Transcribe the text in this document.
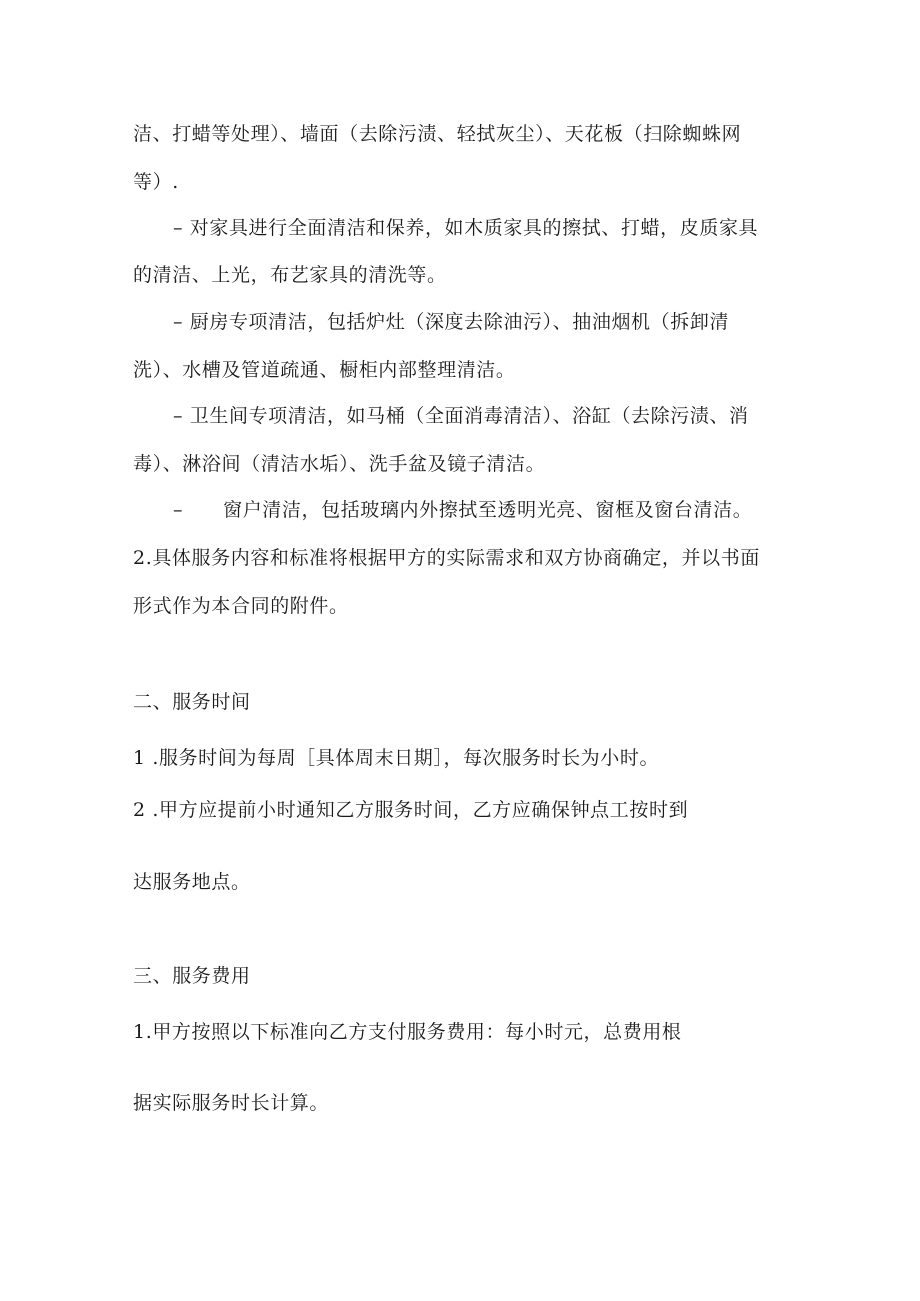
洁、打蜡等处理）、墙面（去除污渍、轻拭灰尘）、天花板（扫除蜘蛛网
等）.
– 对家具进行全面清洁和保养，如木质家具的擦拭、打蜡，皮质家具
的清洁、上光，布艺家具的清洗等。
– 厨房专项清洁，包括炉灶（深度去除油污）、抽油烟机（拆卸清
洗）、水槽及管道疏通、橱柜内部整理清洁。
– 卫生间专项清洁，如马桶（全面消毒清洁）、浴缸（去除污渍、消
毒）、淋浴间（清洁水垢）、洗手盆及镜子清洁。
– 窗户清洁，包括玻璃内外擦拭至透明光亮、窗框及窗台清洁。
2.具体服务内容和标准将根据甲方的实际需求和双方协商确定，并以书面
形式作为本合同的附件。
二、服务时间
1 .服务时间为每周［具体周末日期］，每次服务时长为小时。
2 .甲方应提前小时通知乙方服务时间，乙方应确保钟点工按时到
达服务地点。
三、服务费用
1.甲方按照以下标准向乙方支付服务费用：每小时元，总费用根
据实际服务时长计算。
